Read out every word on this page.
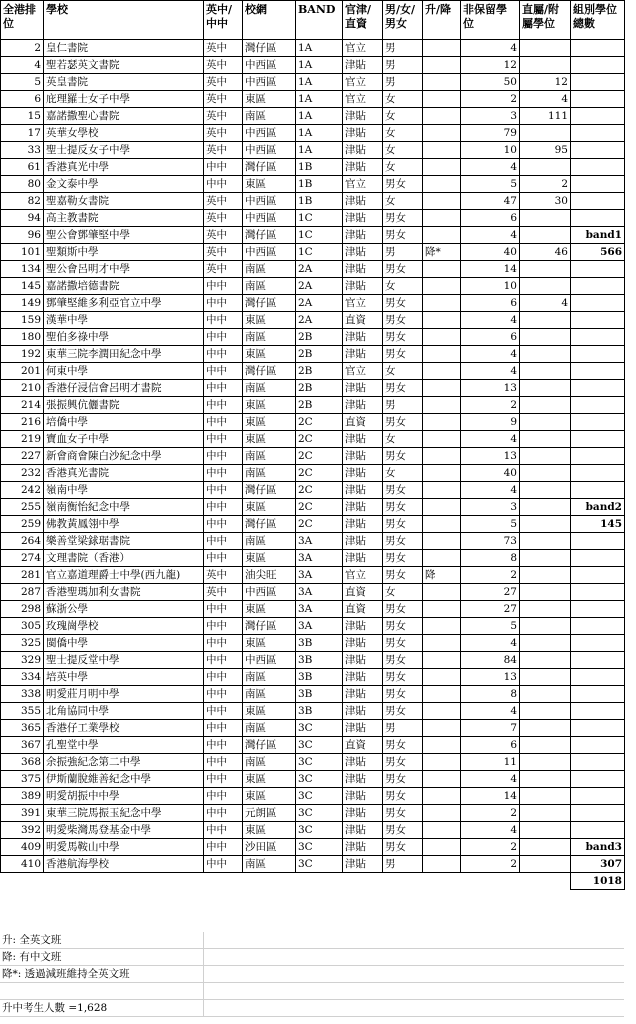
全港排位	學校	英中/中中	校網	BAND	官津/直資	男/女/男女	升/降	非保留學位	直屬/附屬學位	組別學位總數
2	皇仁書院	英中	灣仔區	1A	官立	男		4		
4	聖若瑟英文書院	英中	中西區	1A	津貼	男		12		
5	英皇書院	英中	中西區	1A	官立	男		50	12	
6	庇理羅士女子中學	英中	東區	1A	官立	女		2	4	
15	嘉諾撒聖心書院	英中	南區	1A	津貼	女		3	111	
17	英華女學校	英中	中西區	1A	津貼	女		79		
33	聖士提反女子中學	英中	中西區	1A	津貼	女		10	95	
61	香港真光中學	中中	灣仔區	1B	津貼	女		4		
80	金文泰中學	中中	東區	1B	官立	男女		5	2	
82	聖嘉勒女書院	英中	中西區	1B	津貼	女		47	30	
94	高主教書院	英中	中西區	1C	津貼	男女		6		
96	聖公會鄧肇堅中學	英中	灣仔區	1C	津貼	男女		4		band1
101	聖類斯中學	英中	中西區	1C	津貼	男	降*	40	46	566
134	聖公會呂明才中學	英中	南區	2A	津貼	男女		14		
145	嘉諾撒培德書院	中中	南區	2A	津貼	女		10		
149	鄧肇堅維多利亞官立中學	中中	灣仔區	2A	官立	男女		6	4	
159	漢華中學	中中	東區	2A	直資	男女		4		
180	聖伯多祿中學	中中	南區	2B	津貼	男女		6		
192	東華三院李潤田紀念中學	中中	東區	2B	津貼	男女		4		
201	何東中學	中中	灣仔區	2B	官立	女		4		
210	香港仔浸信會呂明才書院	中中	南區	2B	津貼	男女		13		
214	張振興伉儷書院	中中	東區	2B	津貼	男		2		
216	培僑中學	中中	東區	2C	直資	男女		9		
219	寶血女子中學	中中	東區	2C	津貼	女		4		
227	新會商會陳白沙紀念中學	中中	南區	2C	津貼	男女		13		
232	香港真光書院	中中	南區	2C	津貼	女		40		
242	嶺南中學	中中	灣仔區	2C	津貼	男女		4		
255	嶺南衡怡紀念中學	中中	東區	2C	津貼	男女		3		band2
259	佛教黃鳳翎中學	中中	灣仔區	2C	津貼	男女		5		145
264	樂善堂梁銶琚書院	中中	南區	3A	津貼	男女		73		
274	文理書院（香港）	中中	東區	3A	津貼	男女		8		
281	官立嘉道理爵士中學(西九龍)	英中	油尖旺	3A	官立	男女	降	2		
287	香港聖瑪加利女書院	英中	中西區	3A	直資	女		27		
298	蘇浙公學	中中	東區	3A	直資	男女		27		
305	玫瑰崗學校	中中	灣仔區	3A	津貼	男女		5		
325	閩僑中學	中中	東區	3B	津貼	男女		4		
329	聖士提反堂中學	中中	中西區	3B	津貼	男女		84		
334	培英中學	中中	南區	3B	津貼	男女		13		
338	明愛莊月明中學	中中	南區	3B	津貼	男女		8		
355	北角協同中學	中中	東區	3B	津貼	男女		4		
365	香港仔工業學校	中中	南區	3C	津貼	男		7		
367	孔聖堂中學	中中	灣仔區	3C	直資	男女		6		
368	余振強紀念第二中學	中中	南區	3C	津貼	男女		11		
375	伊斯蘭脫維善紀念中學	中中	東區	3C	津貼	男女		4		
389	明愛胡振中中學	中中	東區	3C	津貼	男女		14		
391	東華三院馬振玉紀念中學	中中	元朗區	3C	津貼	男女		2		
392	明愛柴灣馬登基金中學	中中	東區	3C	津貼	男女		4		
409	明愛馬鞍山中學	中中	沙田區	3C	津貼	男女		2		band3
410	香港航海學校	中中	南區	3C	津貼	男		2		307
										1018
升: 全英文班	
降: 有中文班	
降*: 透過減班維持全英文班	

升中考生人數 =1,628	
